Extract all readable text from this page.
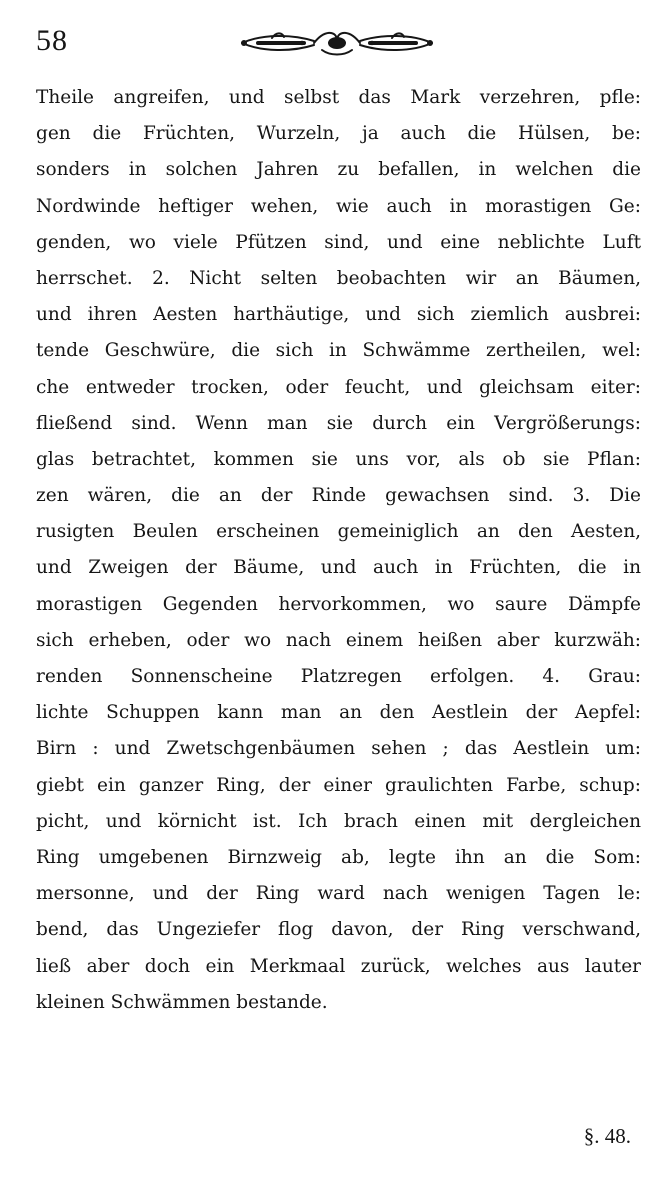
58
Theile angreifen, und selbst das Mark verzehren, pfle:
gen die Früchten, Wurzeln, ja auch die Hülsen, be:
sonders in solchen Jahren zu befallen, in welchen die
Nordwinde heftiger wehen, wie auch in morastigen Ge:
genden, wo viele Pfützen sind, und eine neblichte Luft
herrschet. 2. Nicht selten beobachten wir an Bäumen,
und ihren Aesten harthäutige, und sich ziemlich ausbrei:
tende Geschwüre, die sich in Schwämme zertheilen, wel:
che entweder trocken, oder feucht, und gleichsam eiter:
fließend sind. Wenn man sie durch ein Vergrößerungs:
glas betrachtet, kommen sie uns vor, als ob sie Pflan:
zen wären, die an der Rinde gewachsen sind. 3. Die
rusigten Beulen erscheinen gemeiniglich an den Aesten,
und Zweigen der Bäume, und auch in Früchten, die in
morastigen Gegenden hervorkommen, wo saure Dämpfe
sich erheben, oder wo nach einem heißen aber kurzwäh:
renden Sonnenscheine Platzregen erfolgen. 4. Grau:
lichte Schuppen kann man an den Aestlein der Aepfel:
Birn : und Zwetschgenbäumen sehen ; das Aestlein um:
giebt ein ganzer Ring, der einer graulichten Farbe, schup:
picht, und körnicht ist. Ich brach einen mit dergleichen
Ring umgebenen Birnzweig ab, legte ihn an die Som:
mersonne, und der Ring ward nach wenigen Tagen le:
bend, das Ungeziefer flog davon, der Ring verschwand,
ließ aber doch ein Merkmaal zurück, welches aus lauter
kleinen Schwämmen bestande.
§. 48.
